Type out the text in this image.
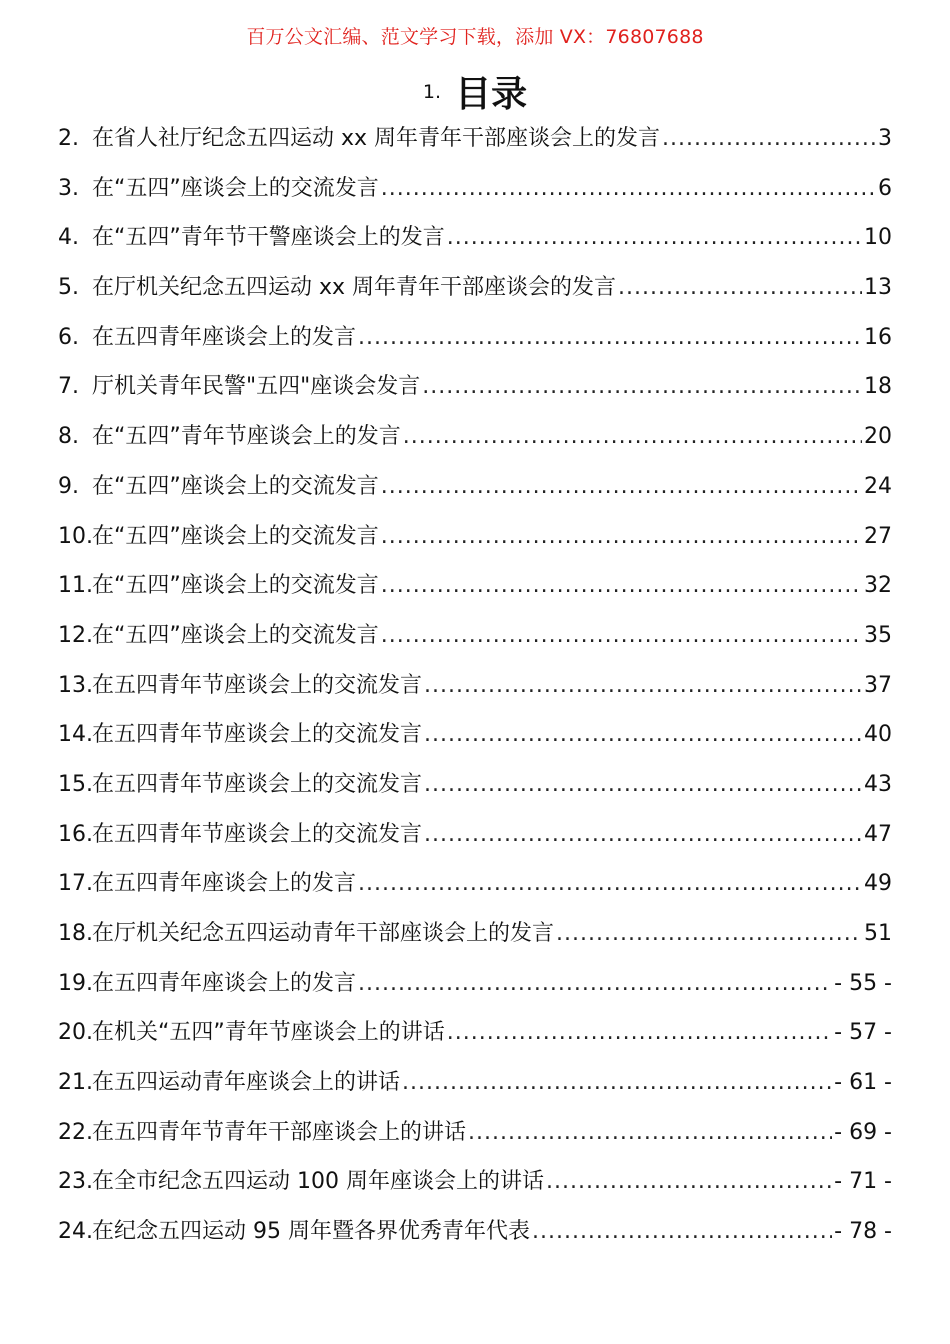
百万公文汇编、范文学习下载，添加 VX：76807688
1. 目录
2. 在省人社厅纪念五四运动 xx 周年青年干部座谈会上的发言 .....	3
3. 在“五四”座谈会上的交流发言 .....	6
4. 在“五四”青年节干警座谈会上的发言 .....	10
5. 在厅机关纪念五四运动 xx 周年青年干部座谈会的发言 .....	13
6. 在五四青年座谈会上的发言 .....	16
7. 厅机关青年民警"五四"座谈会发言 .....	18
8. 在“五四”青年节座谈会上的发言 .....	20
9. 在“五四”座谈会上的交流发言 .....	24
10. 在“五四”座谈会上的交流发言 .....	27
11. 在“五四”座谈会上的交流发言 .....	32
12. 在“五四”座谈会上的交流发言 .....	35
13. 在五四青年节座谈会上的交流发言 .....	37
14. 在五四青年节座谈会上的交流发言 .....	40
15. 在五四青年节座谈会上的交流发言 .....	43
16. 在五四青年节座谈会上的交流发言 .....	47
17. 在五四青年座谈会上的发言 .....	49
18. 在厅机关纪念五四运动青年干部座谈会上的发言 .....	51
19. 在五四青年座谈会上的发言 .....	- 55 -
20. 在机关“五四”青年节座谈会上的讲话 .....	- 57 -
21. 在五四运动青年座谈会上的讲话 .....	- 61 -
22. 在五四青年节青年干部座谈会上的讲话 .....	- 69 -
23. 在全市纪念五四运动 100 周年座谈会上的讲话 .....	- 71 -
24. 在纪念五四运动 95 周年暨各界优秀青年代表 .....	- 78 -
